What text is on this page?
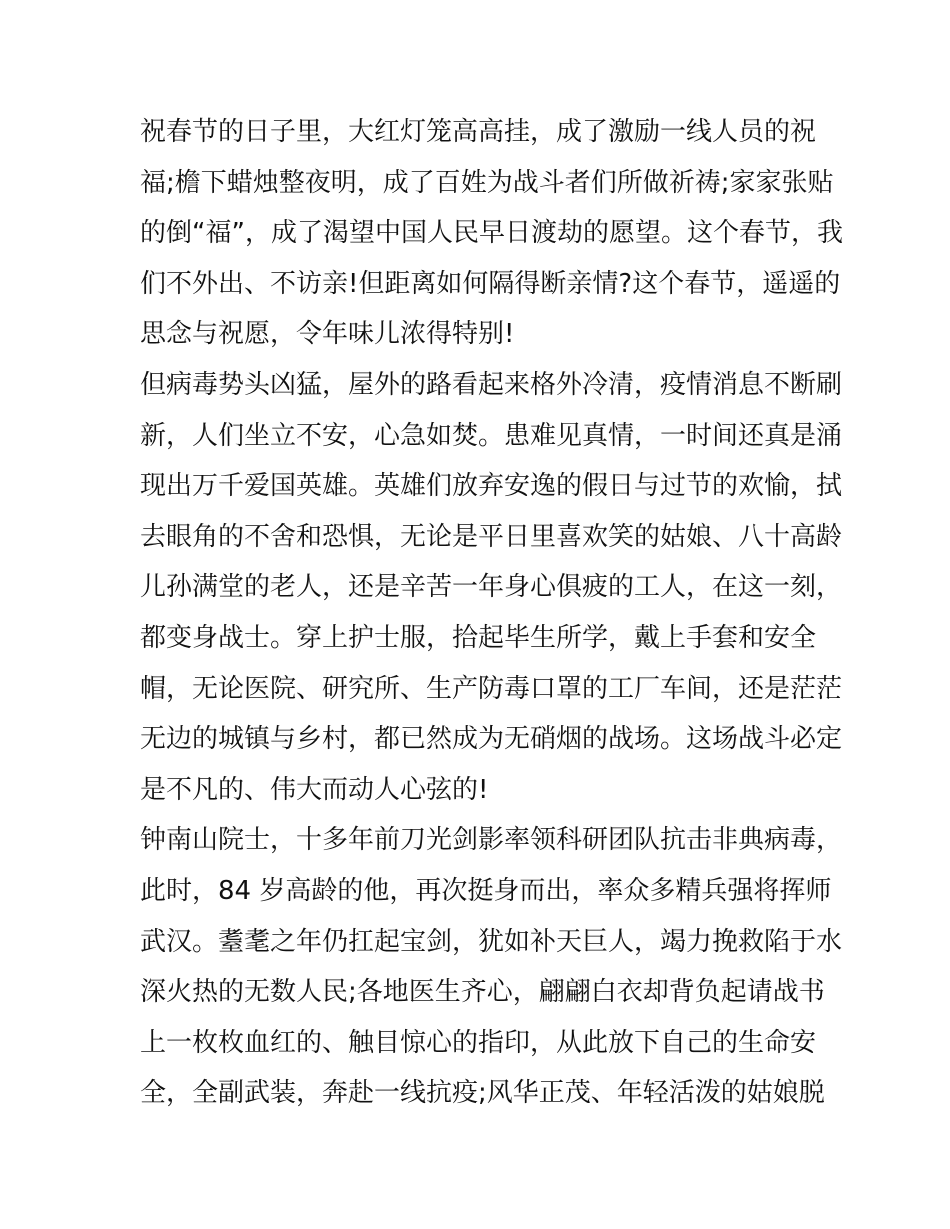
祝春节的日子里，大红灯笼高高挂，成了激励一线人员的祝
福;檐下蜡烛整夜明，成了百姓为战斗者们所做祈祷;家家张贴
的倒“福”，成了渴望中国人民早日渡劫的愿望。这个春节，我
们不外出、不访亲!但距离如何隔得断亲情?这个春节，遥遥的
思念与祝愿，令年味儿浓得特别!
但病毒势头凶猛，屋外的路看起来格外冷清，疫情消息不断刷
新，人们坐立不安，心急如焚。患难见真情，一时间还真是涌
现出万千爱国英雄。英雄们放弃安逸的假日与过节的欢愉，拭
去眼角的不舍和恐惧，无论是平日里喜欢笑的姑娘、八十高龄
儿孙满堂的老人，还是辛苦一年身心俱疲的工人，在这一刻，
都变身战士。穿上护士服，拾起毕生所学，戴上手套和安全
帽，无论医院、研究所、生产防毒口罩的工厂车间，还是茫茫
无边的城镇与乡村，都已然成为无硝烟的战场。这场战斗必定
是不凡的、伟大而动人心弦的!
钟南山院士，十多年前刀光剑影率领科研团队抗击非典病毒，
此时，84 岁高龄的他，再次挺身而出，率众多精兵强将挥师
武汉。耋耄之年仍扛起宝剑，犹如补天巨人，竭力挽救陷于水
深火热的无数人民;各地医生齐心，翩翩白衣却背负起请战书
上一枚枚血红的、触目惊心的指印，从此放下自己的生命安
全，全副武装，奔赴一线抗疫;风华正茂、年轻活泼的姑娘脱
